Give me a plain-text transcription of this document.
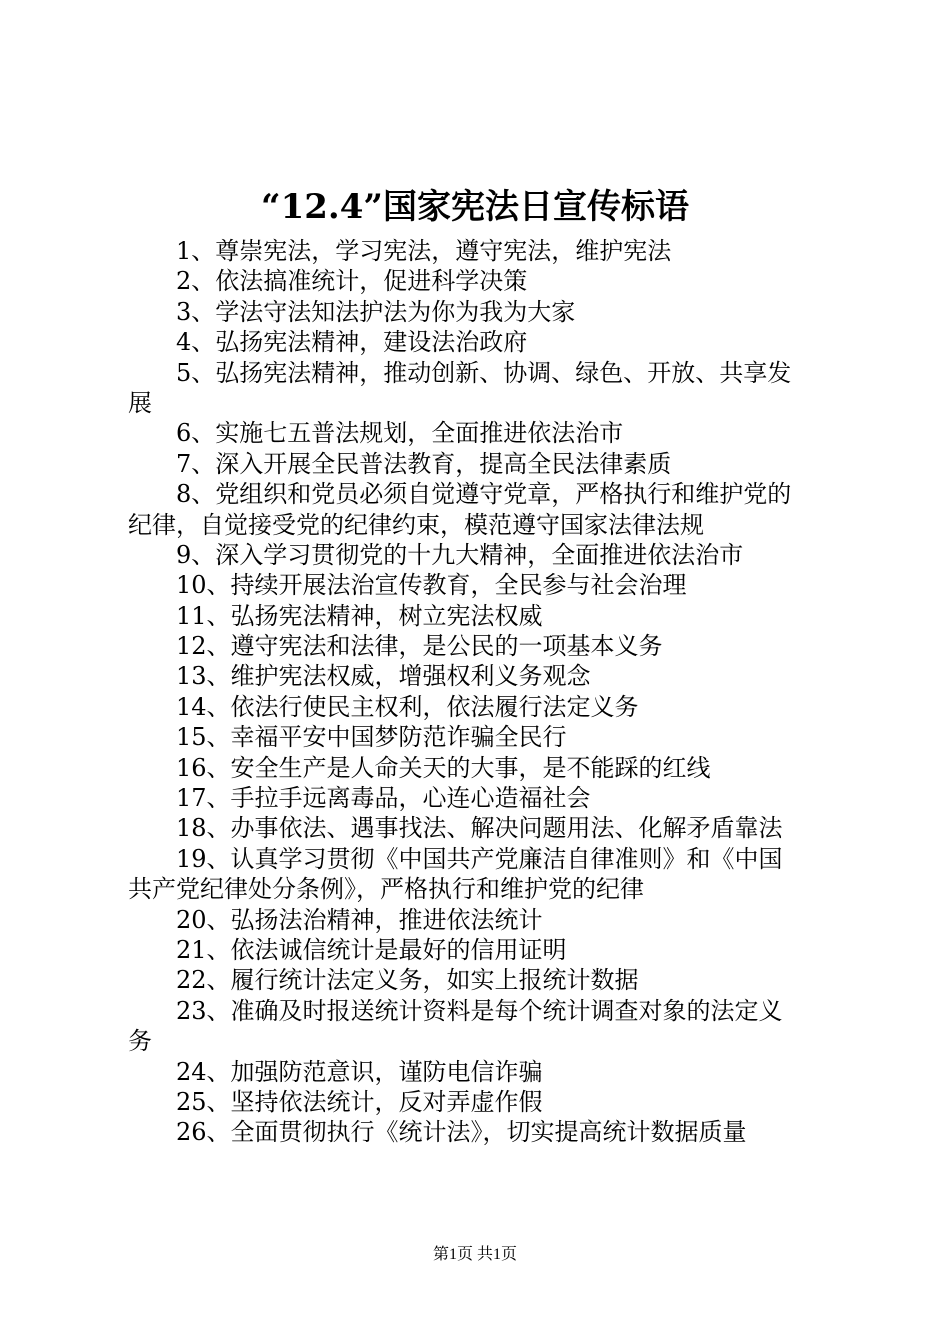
“12.4”国家宪法日宣传标语
1、尊崇宪法，学习宪法，遵守宪法，维护宪法
2、依法搞准统计，促进科学决策
3、学法守法知法护法为你为我为大家
4、弘扬宪法精神，建设法治政府
5、弘扬宪法精神，推动创新、协调、绿色、开放、共享发
展
6、实施七五普法规划，全面推进依法治市
7、深入开展全民普法教育，提高全民法律素质
8、党组织和党员必须自觉遵守党章，严格执行和维护党的
纪律，自觉接受党的纪律约束，模范遵守国家法律法规
9、深入学习贯彻党的十九大精神，全面推进依法治市
10、持续开展法治宣传教育，全民参与社会治理
11、弘扬宪法精神，树立宪法权威
12、遵守宪法和法律，是公民的一项基本义务
13、维护宪法权威，增强权利义务观念
14、依法行使民主权利，依法履行法定义务
15、幸福平安中国梦防范诈骗全民行
16、安全生产是人命关天的大事，是不能踩的红线
17、手拉手远离毒品，心连心造福社会
18、办事依法、遇事找法、解决问题用法、化解矛盾靠法
19、认真学习贯彻《中国共产党廉洁自律准则》和《中国
共产党纪律处分条例》，严格执行和维护党的纪律
20、弘扬法治精神，推进依法统计
21、依法诚信统计是最好的信用证明
22、履行统计法定义务，如实上报统计数据
23、准确及时报送统计资料是每个统计调查对象的法定义
务
24、加强防范意识，谨防电信诈骗
25、坚持依法统计，反对弄虚作假
26、全面贯彻执行《统计法》，切实提高统计数据质量
第1页 共1页
